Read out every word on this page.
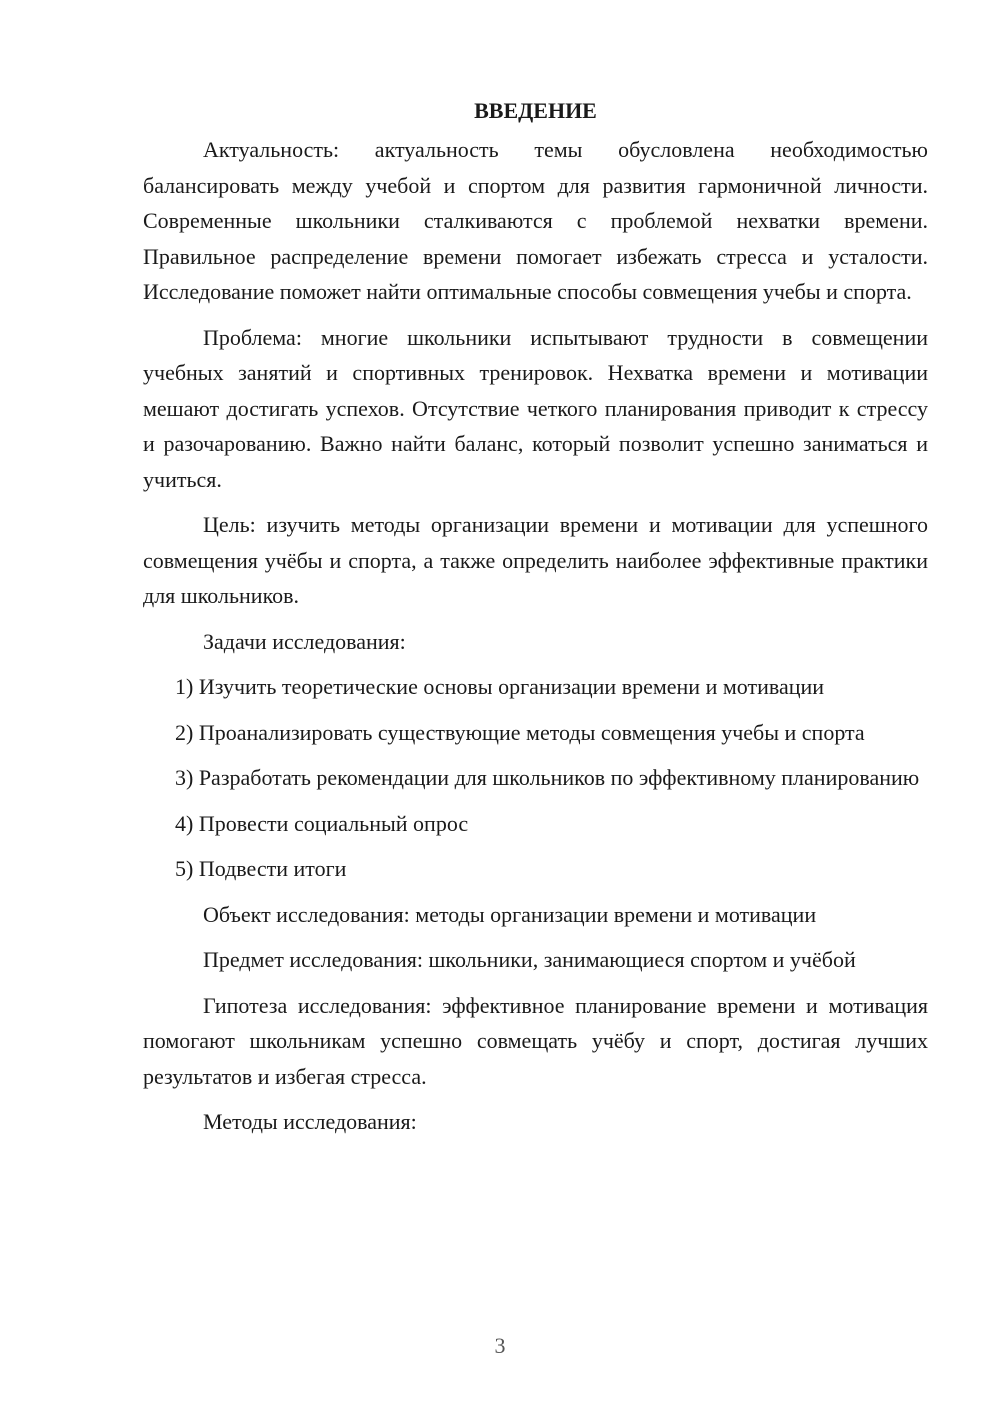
ВВЕДЕНИЕ

Актуальность: актуальность темы обусловлена необходимостью балансировать между учебой и спортом для развития гармоничной личности. Современные школьники сталкиваются с проблемой нехватки времени. Правильное распределение времени помогает избежать стресса и усталости. Исследование поможет найти оптимальные способы совмещения учебы и спорта.

Проблема: многие школьники испытывают трудности в совмещении учебных занятий и спортивных тренировок. Нехватка времени и мотивации мешают достигать успехов. Отсутствие четкого планирования приводит к стрессу и разочарованию. Важно найти баланс, который позволит успешно заниматься и учиться.

Цель: изучить методы организации времени и мотивации для успешного совмещения учёбы и спорта, а также определить наиболее эффективные практики для школьников.

Задачи исследования:

1) Изучить теоретические основы организации времени и мотивации

2) Проанализировать существующие методы совмещения учебы и спорта

3) Разработать рекомендации для школьников по эффективному планированию

4) Провести социальный опрос

5) Подвести итоги

Объект исследования: методы организации времени и мотивации

Предмет исследования: школьники, занимающиеся спортом и учёбой

Гипотеза исследования: эффективное планирование времени и мотивация помогают школьникам успешно совмещать учёбу и спорт, достигая лучших результатов и избегая стресса.

Методы исследования:

3
